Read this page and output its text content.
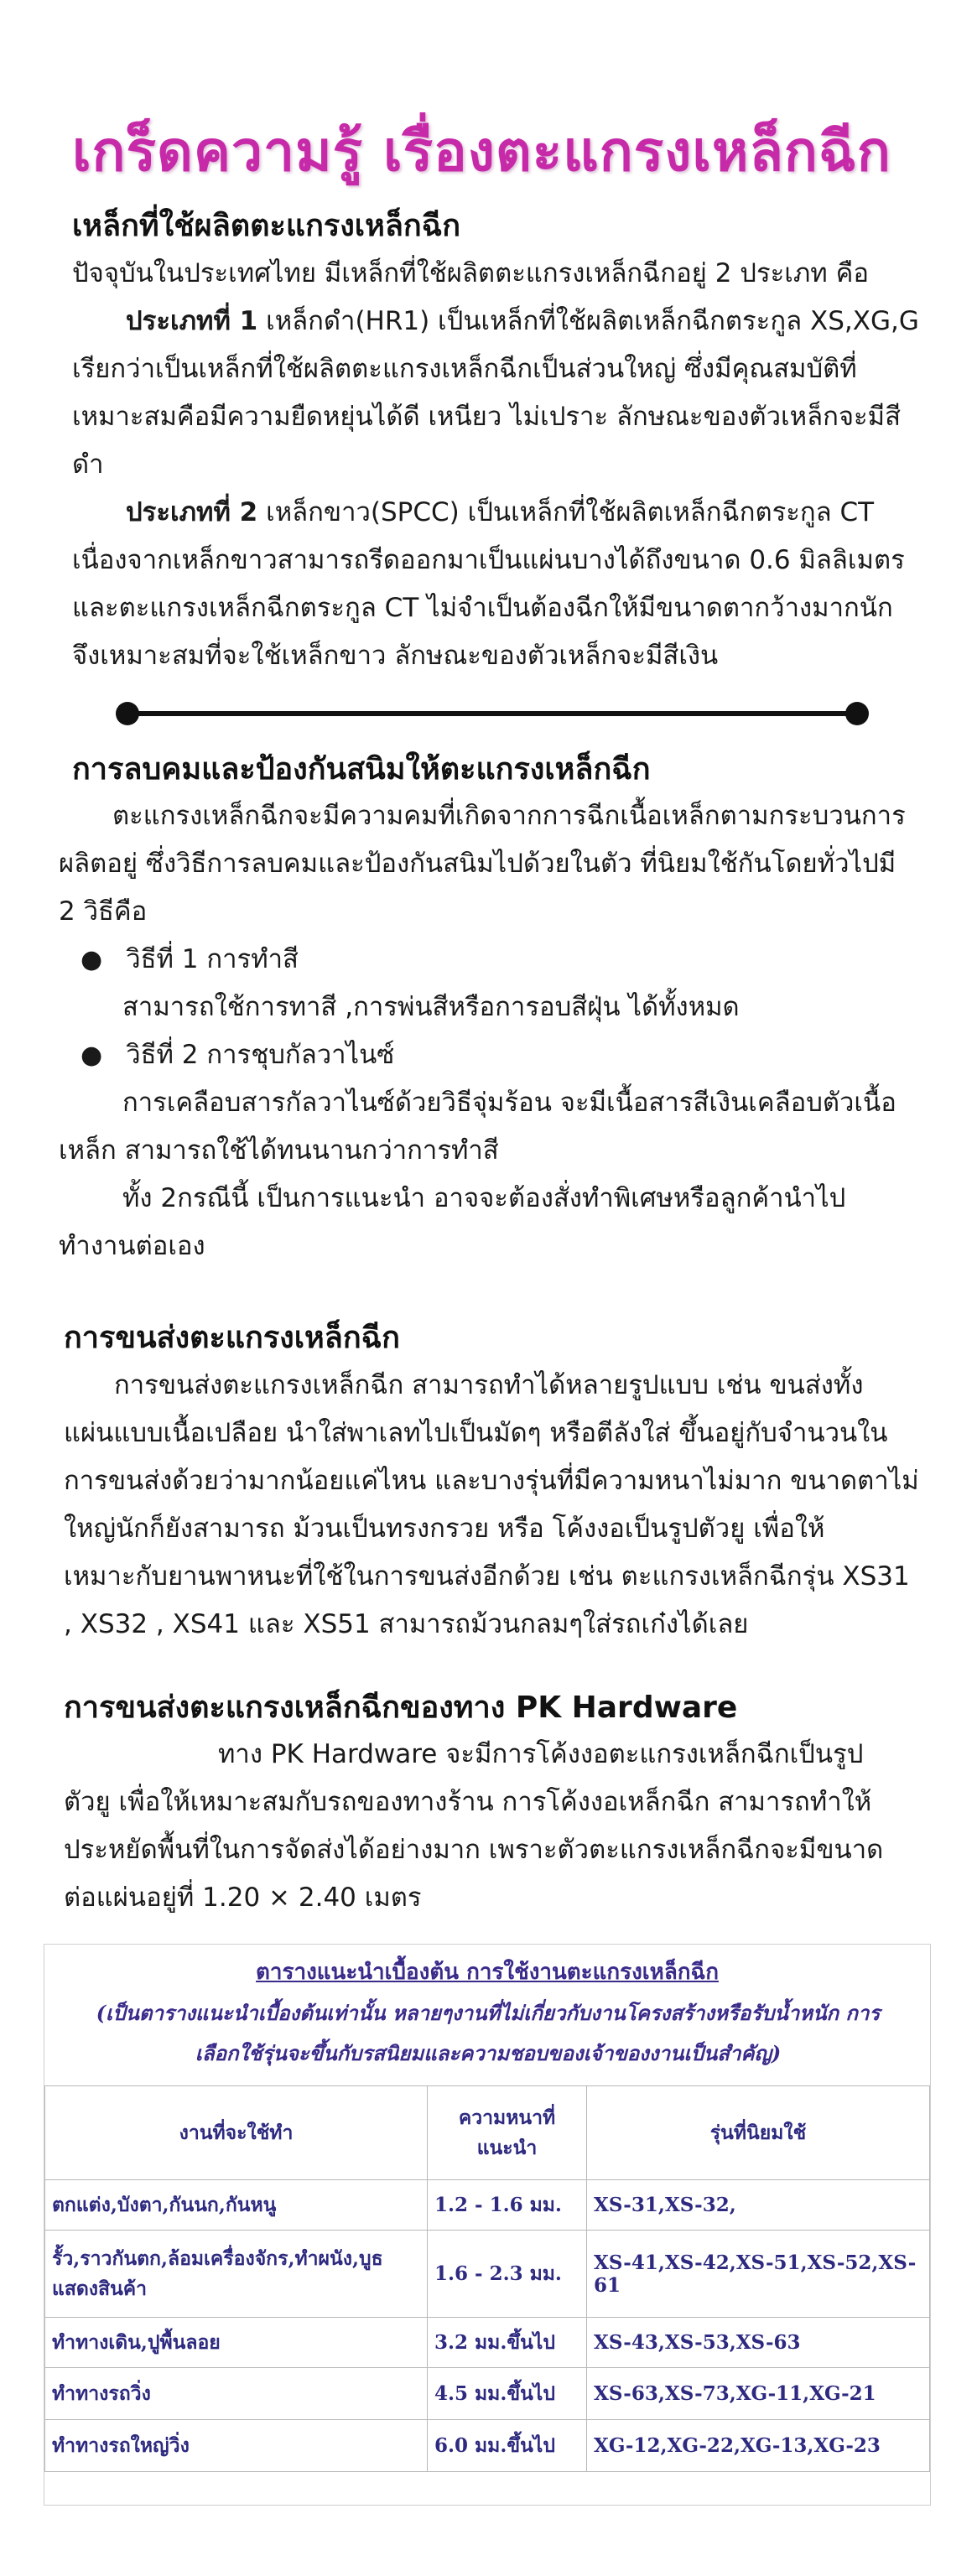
เกร็ดความรู้ เรื่องตะแกรงเหล็กฉีก
เหล็กที่ใช้ผลิตตะแกรงเหล็กฉีก
ปัจจุบันในประเทศไทย มีเหล็กที่ใช้ผลิตตะแกรงเหล็กฉีกอยู่ 2 ประเภท คือ
ประเภทที่ 1 เหล็กดำ(HR1) เป็นเหล็กที่ใช้ผลิตเหล็กฉีกตระกูล XS,XG,G
เรียกว่าเป็นเหล็กที่ใช้ผลิตตะแกรงเหล็กฉีกเป็นส่วนใหญ่ ซึ่งมีคุณสมบัติที่
เหมาะสมคือมีความยืดหยุ่นได้ดี เหนียว ไม่เปราะ ลักษณะของตัวเหล็กจะมีสี
ดำ
ประเภทที่ 2 เหล็กขาว(SPCC) เป็นเหล็กที่ใช้ผลิตเหล็กฉีกตระกูล CT
เนื่องจากเหล็กขาวสามารถรีดออกมาเป็นแผ่นบางได้ถึงขนาด 0.6 มิลลิเมตร
และตะแกรงเหล็กฉีกตระกูล CT ไม่จำเป็นต้องฉีกให้มีขนาดตากว้างมากนัก
จึงเหมาะสมที่จะใช้เหล็กขาว ลักษณะของตัวเหล็กจะมีสีเงิน
การลบคมและป้องกันสนิมให้ตะแกรงเหล็กฉีก
ตะแกรงเหล็กฉีกจะมีความคมที่เกิดจากการฉีกเนื้อเหล็กตามกระบวนการ
ผลิตอยู่ ซึ่งวิธีการลบคมและป้องกันสนิมไปด้วยในตัว ที่นิยมใช้กันโดยทั่วไปมี
2 วิธีคือ
● วิธีที่ 1 การทำสี
สามารถใช้การทาสี ,การพ่นสีหรือการอบสีฝุ่น ได้ทั้งหมด
● วิธีที่ 2 การชุบกัลวาไนซ์
การเคลือบสารกัลวาไนซ์ด้วยวิธีจุ่มร้อน จะมีเนื้อสารสีเงินเคลือบตัวเนื้อ
เหล็ก สามารถใช้ได้ทนนานกว่าการทำสี
ทั้ง 2กรณีนี้ เป็นการแนะนำ อาจจะต้องสั่งทำพิเศษหรือลูกค้านำไป
ทำงานต่อเอง
การขนส่งตะแกรงเหล็กฉีก
การขนส่งตะแกรงเหล็กฉีก สามารถทำได้หลายรูปแบบ เช่น ขนส่งทั้ง
แผ่นแบบเนื้อเปลือย นำใส่พาเลทไปเป็นมัดๆ หรือตีลังใส่ ขึ้นอยู่กับจำนวนใน
การขนส่งด้วยว่ามากน้อยแค่ไหน และบางรุ่นที่มีความหนาไม่มาก ขนาดตาไม่
ใหญ่นักก็ยังสามารถ ม้วนเป็นทรงกรวย หรือ โค้งงอเป็นรูปตัวยู เพื่อให้
เหมาะกับยานพาหนะที่ใช้ในการขนส่งอีกด้วย เช่น ตะแกรงเหล็กฉีกรุ่น XS31
, XS32 , XS41 และ XS51 สามารถม้วนกลมๆใส่รถเก๋งได้เลย
การขนส่งตะแกรงเหล็กฉีกของทาง PK Hardware
ทาง PK Hardware จะมีการโค้งงอตะแกรงเหล็กฉีกเป็นรูป
ตัวยู เพื่อให้เหมาะสมกับรถของทางร้าน การโค้งงอเหล็กฉีก สามารถทำให้
ประหยัดพื้นที่ในการจัดส่งได้อย่างมาก เพราะตัวตะแกรงเหล็กฉีกจะมีขนาด
ต่อแผ่นอยู่ที่ 1.20 × 2.40 เมตร
ตารางแนะนำเบื้องต้น การใช้งานตะแกรงเหล็กฉีก
(เป็นตารางแนะนำเบื้องต้นเท่านั้น หลายๆงานที่ไม่เกี่ยวกับงานโครงสร้างหรือรับน้ำหนัก การ
เลือกใช้รุ่นจะขึ้นกับรสนิยมและความชอบของเจ้าของงานเป็นสำคัญ)
งานที่จะใช้ทำ	ความหนาที่แนะนำ	รุ่นที่นิยมใช้
ตกแต่ง,บังตา,กันนก,กันหนู	1.2 - 1.6 มม.	XS-31,XS-32,
รั้ว,ราวกันตก,ล้อมเครื่องจักร,ทำผนัง,บูธแสดงสินค้า	1.6 - 2.3 มม.	XS-41,XS-42,XS-51,XS-52,XS-61
ทำทางเดิน,ปูพื้นลอย	3.2 มม.ขึ้นไป	XS-43,XS-53,XS-63
ทำทางรถวิ่ง	4.5 มม.ขึ้นไป	XS-63,XS-73,XG-11,XG-21
ทำทางรถใหญ่วิ่ง	6.0 มม.ขึ้นไป	XG-12,XG-22,XG-13,XG-23
